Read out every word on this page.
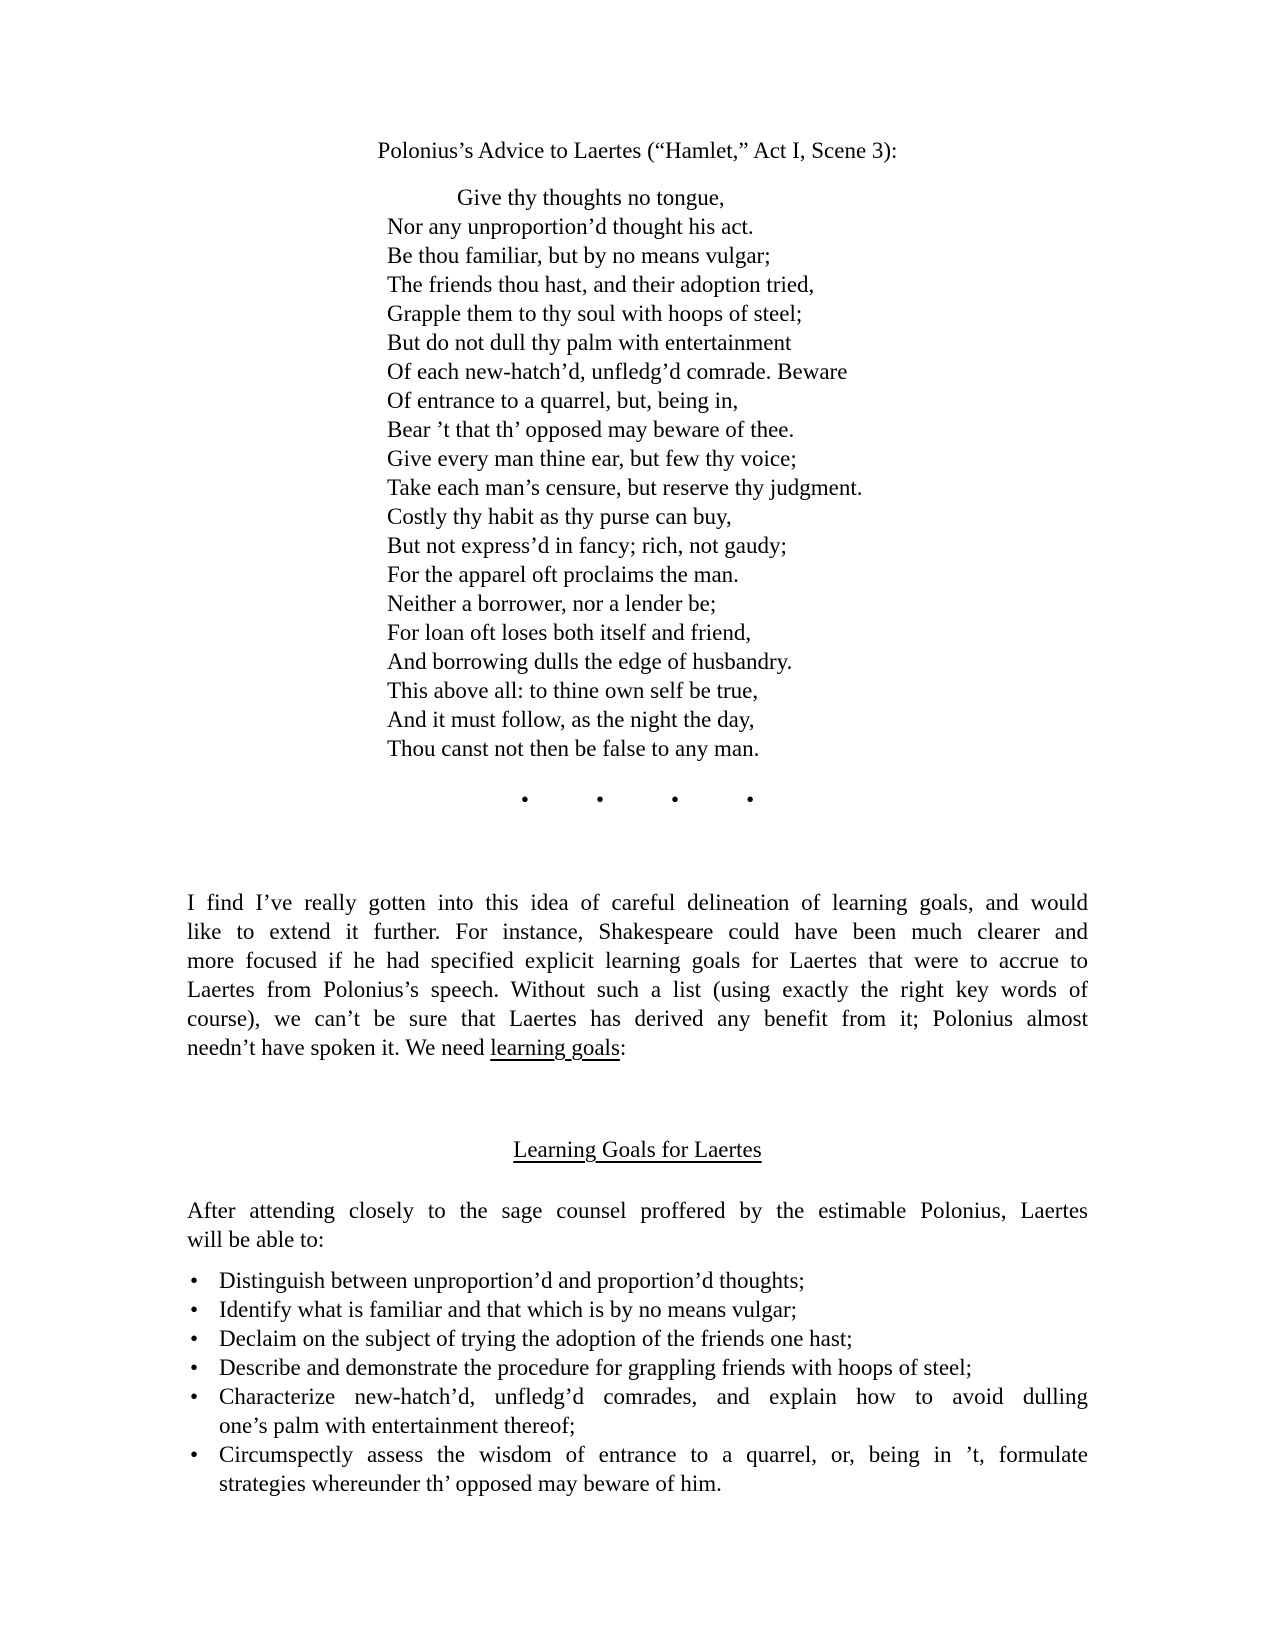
Polonius’s Advice to Laertes (“Hamlet,” Act I, Scene 3):
Give thy thoughts no tongue,
Nor any unproportion’d thought his act.
Be thou familiar, but by no means vulgar;
The friends thou hast, and their adoption tried,
Grapple them to thy soul with hoops of steel;
But do not dull thy palm with entertainment
Of each new-hatch’d, unfledg’d comrade. Beware
Of entrance to a quarrel, but, being in,
Bear ’t that th’ opposed may beware of thee.
Give every man thine ear, but few thy voice;
Take each man’s censure, but reserve thy judgment.
Costly thy habit as thy purse can buy,
But not express’d in fancy; rich, not gaudy;
For the apparel oft proclaims the man.
Neither a borrower, nor a lender be;
For loan oft loses both itself and friend,
And borrowing dulls the edge of husbandry.
This above all: to thine own self be true,
And it must follow, as the night the day,
Thou canst not then be false to any man.
•	•	•	•
I find I’ve really gotten into this idea of careful delineation of learning goals, and would
like to extend it further. For instance, Shakespeare could have been much clearer and
more focused if he had specified explicit learning goals for Laertes that were to accrue to
Laertes from Polonius’s speech. Without such a list (using exactly the right key words of
course), we can’t be sure that Laertes has derived any benefit from it; Polonius almost
needn’t have spoken it. We need learning goals:
Learning Goals for Laertes
After attending closely to the sage counsel proffered by the estimable Polonius, Laertes
will be able to:
• Distinguish between unproportion’d and proportion’d thoughts;
• Identify what is familiar and that which is by no means vulgar;
• Declaim on the subject of trying the adoption of the friends one hast;
• Describe and demonstrate the procedure for grappling friends with hoops of steel;
• Characterize new-hatch’d, unfledg’d comrades, and explain how to avoid dulling
one’s palm with entertainment thereof;
• Circumspectly assess the wisdom of entrance to a quarrel, or, being in ’t, formulate
strategies whereunder th’ opposed may beware of him.
